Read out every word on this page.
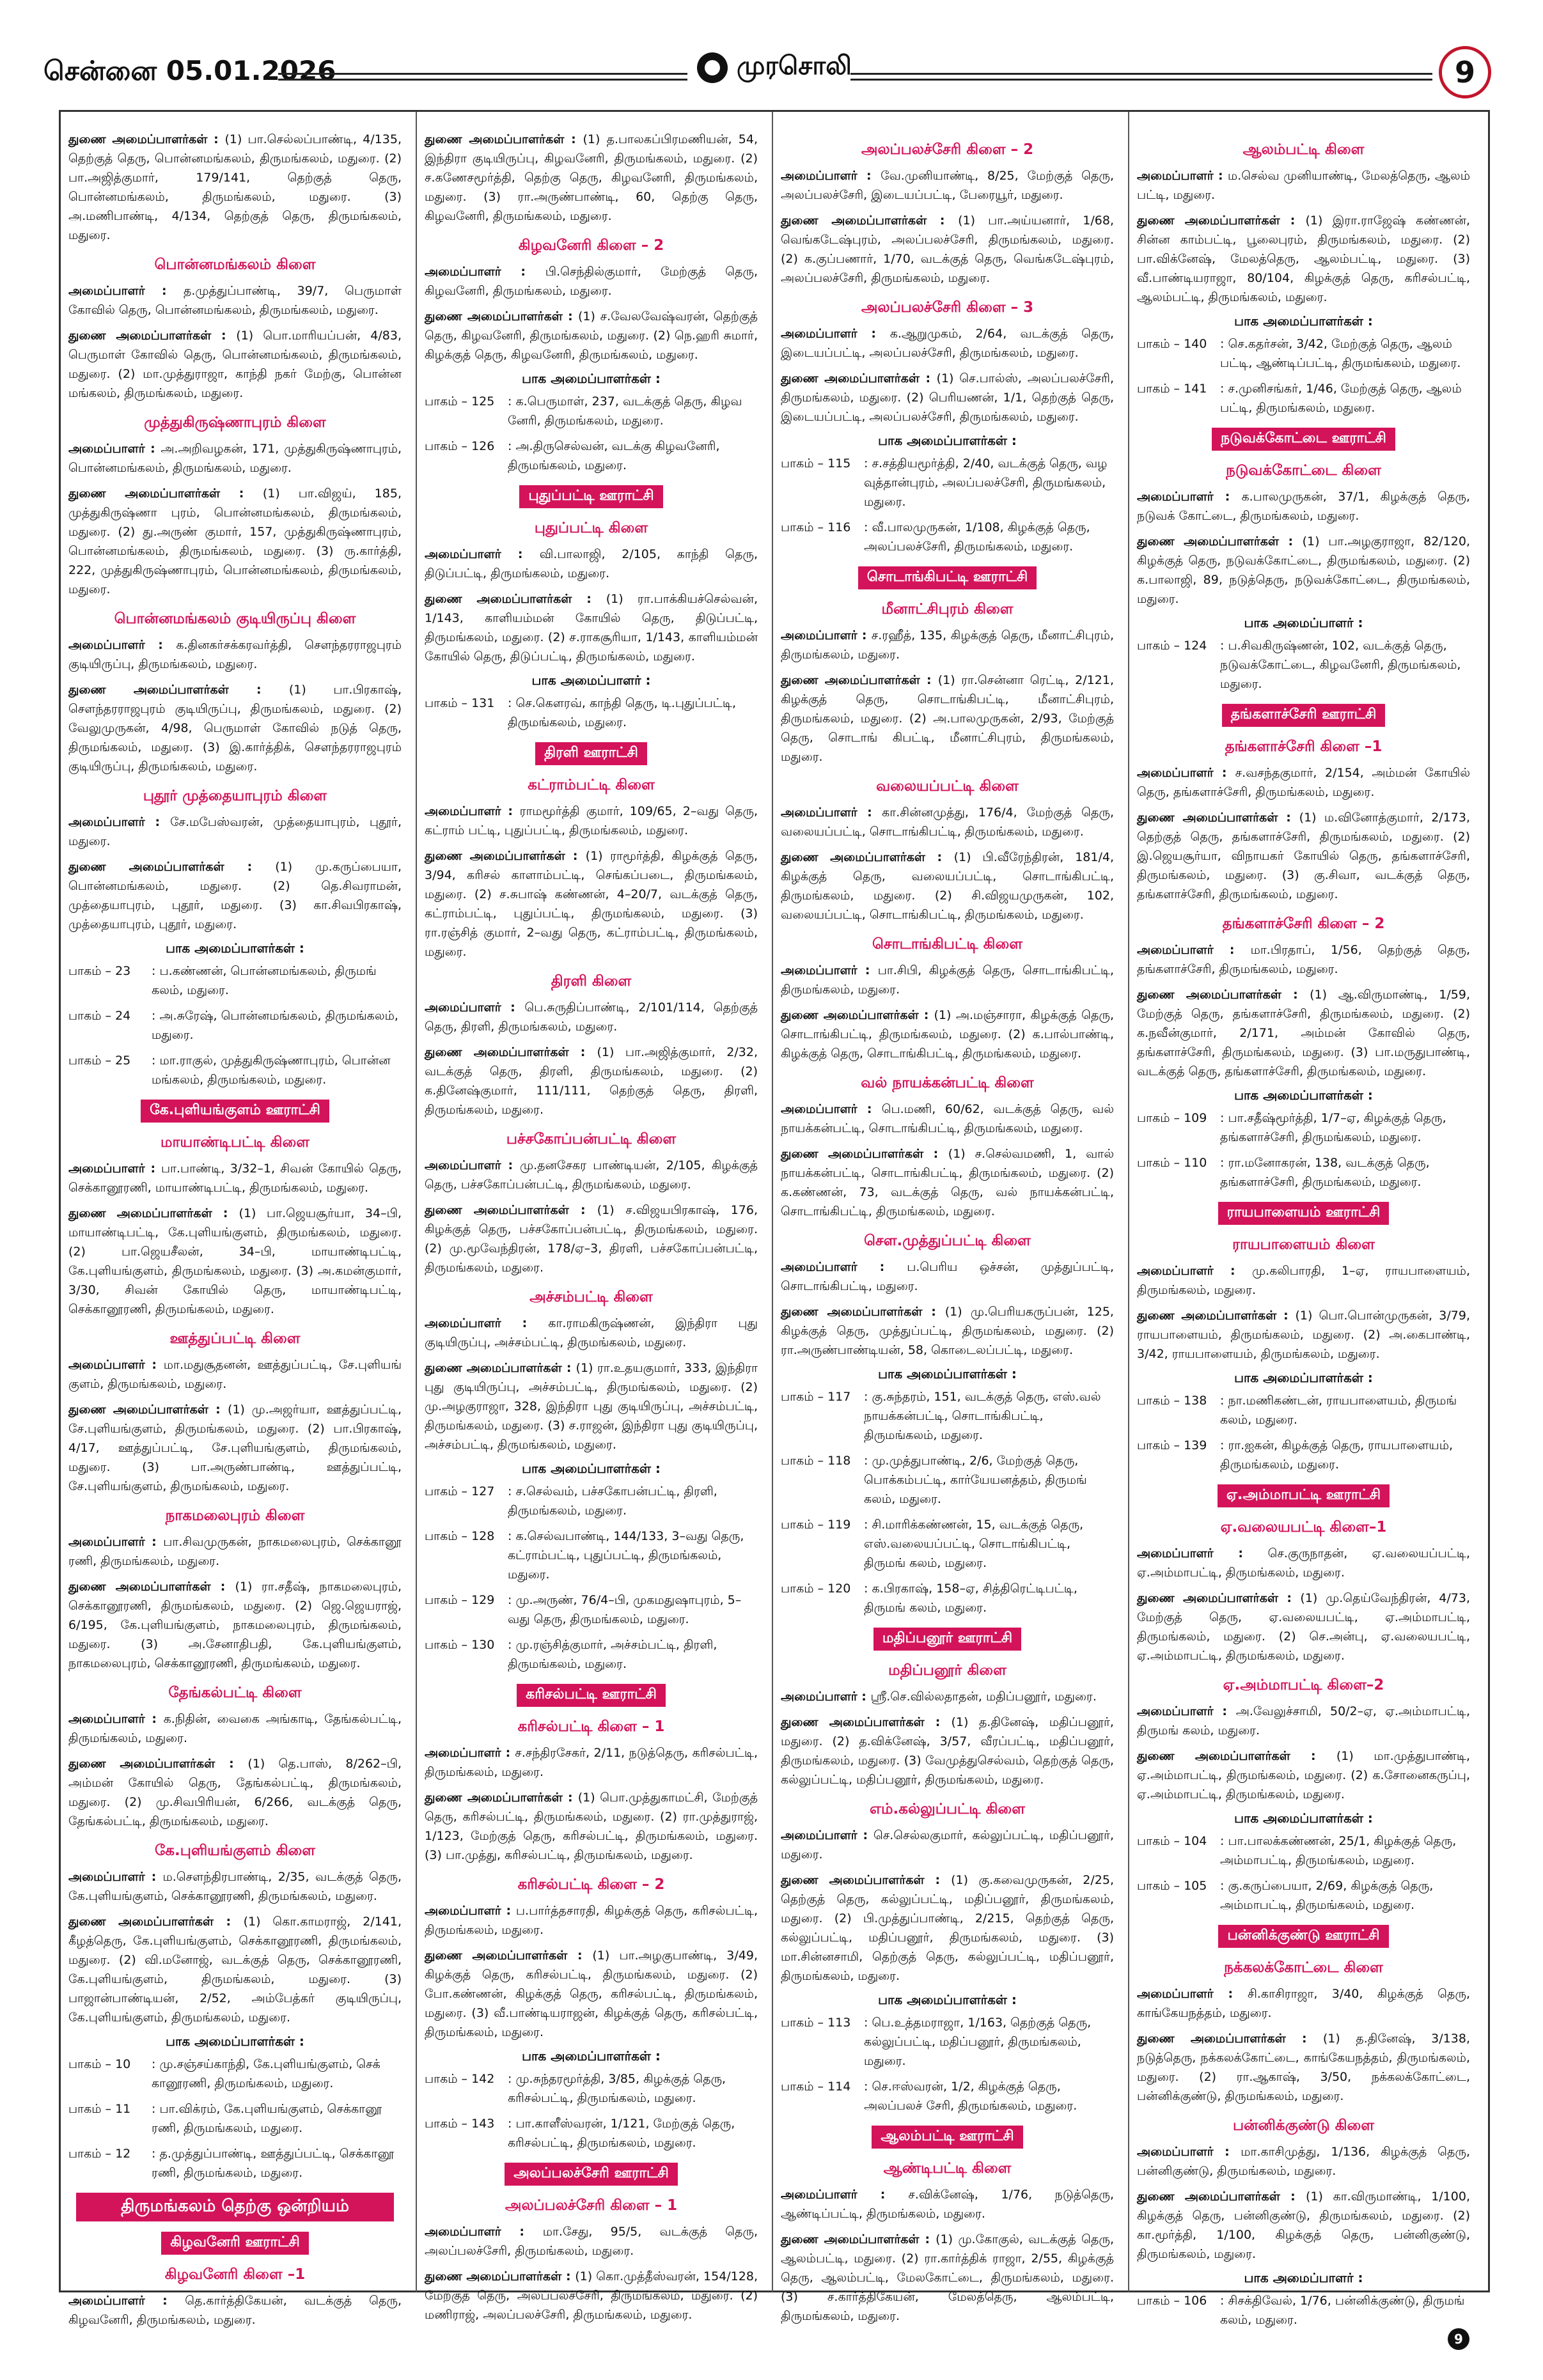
சென்னை 05.01.2026	முரசொலி	9
துணை அமைப்பாளர்கள் : (1) பா.செல்லப்பாண்டி, 4/135, தெற்குத் தெரு, பொன்னமங்கலம், திருமங்கலம், மதுரை. (2) பா.அஜித்குமார், 179/141, தெற்குத் தெரு, பொன்னமங்கலம், திருமங்கலம், மதுரை. (3) அ.மணிபாண்டி, 4/134, தெற்குத் தெரு, திருமங்கலம், மதுரை.
பொன்னமங்கலம் கிளை
அமைப்பாளர் : த.முத்துப்பாண்டி, 39/7, பெருமாள் கோவில் தெரு, பொன்னமங்கலம், திருமங்கலம், மதுரை.
துணை அமைப்பாளர்கள் : (1) பொ.மாரியப்பன், 4/83, பெருமாள் கோவில் தெரு, பொன்னமங்கலம், திருமங்கலம், மதுரை. (2) மா.முத்துராஜா, காந்தி நகர் மேற்கு, பொன்ன மங்கலம், திருமங்கலம், மதுரை.
முத்துகிருஷ்ணாபுரம் கிளை
அமைப்பாளர் : அ.அறிவழகன், 171, முத்துகிருஷ்ணாபுரம், பொன்னமங்கலம், திருமங்கலம், மதுரை.
துணை அமைப்பாளர்கள் : (1) பா.விஜய், 185, முத்துகிருஷ்ணா புரம், பொன்னமங்கலம், திருமங்கலம், மதுரை. (2) து.அருண் குமார், 157, முத்துகிருஷ்ணாபுரம், பொன்னமங்கலம், திருமங்கலம், மதுரை. (3) ரு.கார்த்தி, 222, முத்துகிருஷ்ணாபுரம், பொன்னமங்கலம், திருமங்கலம், மதுரை.
பொன்னமங்கலம் குடியிருப்பு கிளை
அமைப்பாளர் : க.தினகர்சக்கரவர்த்தி, சௌந்தரராஜபுரம் குடியிருப்பு, திருமங்கலம், மதுரை.
துணை அமைப்பாளர்கள் : (1) பா.பிரகாஷ், சௌந்தரராஜபுரம் குடியிருப்பு, திருமங்கலம், மதுரை. (2) வேலுமுருகன், 4/98, பெருமாள் கோவில் நடுத் தெரு, திருமங்கலம், மதுரை. (3) இ.கார்த்திக், சௌந்தரராஜபுரம் குடியிருப்பு, திருமங்கலம், மதுரை.
புதூர் முத்தையாபுரம் கிளை
அமைப்பாளர் : சே.மபேஸ்வரன், முத்தையாபுரம், புதூர், மதுரை.
துணை அமைப்பாளர்கள் : (1) மு.கருப்பையா, பொன்னமங்கலம், மதுரை. (2) தெ.சிவராமன், முத்தையாபுரம், புதூர், மதுரை. (3) கா.சிவபிரகாஷ், முத்தையாபுரம், புதூர், மதுரை.
பாக அமைப்பாளர்கள் :
பாகம் – 23	: ப.கண்ணன், பொன்னமங்கலம், திருமங் கலம், மதுரை.
பாகம் – 24	: அ.சுரேஷ், பொன்னமங்கலம், திருமங்கலம், மதுரை.
பாகம் – 25	: மா.ராகுல், முத்துகிருஷ்ணாபுரம், பொன்ன மங்கலம், திருமங்கலம், மதுரை.
கே.புளியங்குளம் ஊராட்சி
மாயாண்டிபட்டி கிளை
அமைப்பாளர் : பா.பாண்டி, 3/32–1, சிவன் கோயில் தெரு, செக்கானூரணி, மாயாண்டிபட்டி, திருமங்கலம், மதுரை.
துணை அமைப்பாளர்கள் : (1) பா.ஜெயசூர்யா, 34–பி, மாயாண்டிபட்டி, கே.புளியங்குளம், திருமங்கலம், மதுரை. (2) பா.ஜெயசீலன், 34–பி, மாயாண்டிபட்டி, கே.புளியங்குளம், திருமங்கலம், மதுரை. (3) அ.கமன்குமார், 3/30, சிவன் கோயில் தெரு, மாயாண்டிபட்டி, செக்கானூரணி, திருமங்கலம், மதுரை.
ஊத்துப்பட்டி கிளை
அமைப்பாளர் : மா.மதுசூதனன், ஊத்துப்பட்டி, சே.புளியங் குளம், திருமங்கலம், மதுரை.
துணை அமைப்பாளர்கள் : (1) மு.அஜர்யா, ஊத்துப்பட்டி, சே.புளியங்குளம், திருமங்கலம், மதுரை. (2) பா.பிரகாஷ், 4/17, ஊத்துப்பட்டி, சே.புளியங்குளம், திருமங்கலம், மதுரை. (3) பா.அருண்பாண்டி, ஊத்துப்பட்டி, சே.புளியங்குளம், திருமங்கலம், மதுரை.
நாகமலைபுரம் கிளை
அமைப்பாளர் : பா.சிவமுருகன், நாகமலைபுரம், செக்கானூ ரணி, திருமங்கலம், மதுரை.
துணை அமைப்பாளர்கள் : (1) ரா.சதீஷ், நாகமலைபுரம், செக்கானூரணி, திருமங்கலம், மதுரை. (2) ஜெ.ஜெயராஜ், 6/195, கே.புளியங்குளம், நாகமலைபுரம், திருமங்கலம், மதுரை. (3) அ.சேனாதிபதி, கே.புளியங்குளம், நாகமலைபுரம், செக்கானூரணி, திருமங்கலம், மதுரை.
தேங்கல்பட்டி கிளை
அமைப்பாளர் : க.நிதின், வைகை அங்காடி, தேங்கல்பட்டி, திருமங்கலம், மதுரை.
துணை அமைப்பாளர்கள் : (1) தெ.பாஸ், 8/262–பி, அம்மன் கோயில் தெரு, தேங்கல்பட்டி, திருமங்கலம், மதுரை. (2) மு.சிவபிரியன், 6/266, வடக்குத் தெரு, தேங்கல்பட்டி, திருமங்கலம், மதுரை.
கே.புளியங்குளம் கிளை
அமைப்பாளர் : ம.சௌந்திரபாண்டி, 2/35, வடக்குத் தெரு, கே.புளியங்குளம், செக்கானூரணி, திருமங்கலம், மதுரை.
துணை அமைப்பாளர்கள் : (1) கொ.காமராஜ், 2/141, கீழத்தெரு, கே.புளியங்குளம், செக்கானூரணி, திருமங்கலம், மதுரை. (2) வி.மனோஜ், வடக்குத் தெரு, செக்கானூரணி, கே.புளியங்குளம், திருமங்கலம், மதுரை. (3) பாஜான்பாண்டியன், 2/52, அம்பேத்கர் குடியிருப்பு, கே.புளியங்குளம், திருமங்கலம், மதுரை.
பாக அமைப்பாளர்கள் :
பாகம் – 10	: மு.சஞ்சய்காந்தி, கே.புளியங்குளம், செக் கானூரணி, திருமங்கலம், மதுரை.
பாகம் – 11	: பா.விக்ரம், கே.புளியங்குளம், செக்கானூ ரணி, திருமங்கலம், மதுரை.
பாகம் – 12	: த.முத்துப்பாண்டி, ஊத்துப்பட்டி, செக்கானூ ரணி, திருமங்கலம், மதுரை.
திருமங்கலம் தெற்கு ஒன்றியம்
கிழவனேரி ஊராட்சி
கிழவனேரி கிளை –1
அமைப்பாளர் : தெ.கார்த்திகேயன், வடக்குத் தெரு, கிழவனேரி, திருமங்கலம், மதுரை.
துணை அமைப்பாளர்கள் : (1) த.பாலகப்பிரமணியன், 54, இந்திரா குடியிருப்பு, கிழவனேரி, திருமங்கலம், மதுரை. (2) ச.கணேசமூர்த்தி, தெற்கு தெரு, கிழவனேரி, திருமங்கலம், மதுரை. (3) ரா.அருண்பாண்டி, 60, தெற்கு தெரு, கிழவனேரி, திருமங்கலம், மதுரை.
கிழவனேரி கிளை – 2
அமைப்பாளர் : பி.செந்தில்குமார், மேற்குத் தெரு, கிழவனேரி, திருமங்கலம், மதுரை.
துணை அமைப்பாளர்கள் : (1) ச.வேலவேஷ்வரன், தெற்குத் தெரு, கிழவனேரி, திருமங்கலம், மதுரை. (2) நெ.ஹரி சுமார், கிழக்குத் தெரு, கிழவனேரி, திருமங்கலம், மதுரை.
பாக அமைப்பாளர்கள் :
பாகம் – 125	: க.பெருமாள், 237, வடக்குத் தெரு, கிழவ னேரி, திருமங்கலம், மதுரை.
பாகம் – 126	: அ.திருசெல்வன், வடக்கு கிழவனேரி, திருமங்கலம், மதுரை.
புதுப்பட்டி ஊராட்சி
புதுப்பட்டி கிளை
அமைப்பாளர் : வி.பாலாஜி, 2/105, காந்தி தெரு, திடுப்பட்டி, திருமங்கலம், மதுரை.
துணை அமைப்பாளர்கள் : (1) ரா.பாக்கியச்செல்வன், 1/143, காளியம்மன் கோயில் தெரு, திடுப்பட்டி, திருமங்கலம், மதுரை. (2) ச.ராகசூரியா, 1/143, காளியம்மன் கோயில் தெரு, திடுப்பட்டி, திருமங்கலம், மதுரை.
பாக அமைப்பாளர் :
பாகம் – 131	: செ.கௌரவ், காந்தி தெரு, டி.புதுப்பட்டி, திருமங்கலம், மதுரை.
திரளி ஊராட்சி
கட்ராம்பட்டி கிளை
அமைப்பாளர் : ராமமூர்த்தி குமார், 109/65, 2–வது தெரு, கட்ராம் பட்டி, புதுப்பட்டி, திருமங்கலம், மதுரை.
துணை அமைப்பாளர்கள் : (1) ராமூர்த்தி, கிழக்குத் தெரு, 3/94, கரிசல் காளாம்பட்டி, செங்கப்படை, திருமங்கலம், மதுரை. (2) ச.சுபாஷ் கண்ணன், 4–20/7, வடக்குத் தெரு, கட்ராம்பட்டி, புதுப்பட்டி, திருமங்கலம், மதுரை. (3) ரா.ரஞ்சித் குமார், 2–வது தெரு, கட்ராம்பட்டி, திருமங்கலம், மதுரை.
திரளி கிளை
அமைப்பாளர் : பெ.சுருதிப்பாண்டி, 2/101/114, தெற்குத் தெரு, திரளி, திருமங்கலம், மதுரை.
துணை அமைப்பாளர்கள் : (1) பா.அஜித்குமார், 2/32, வடக்குத் தெரு, திரளி, திருமங்கலம், மதுரை. (2) க.தினேஷ்குமார், 111/111, தெற்குத் தெரு, திரளி, திருமங்கலம், மதுரை.
பச்சகோப்பன்பட்டி கிளை
அமைப்பாளர் : மு.தனசேகர பாண்டியன், 2/105, கிழக்குத் தெரு, பச்சகோப்பன்பட்டி, திருமங்கலம், மதுரை.
துணை அமைப்பாளர்கள் : (1) ச.விஜயபிரகாஷ், 176, கிழக்குத் தெரு, பச்சகோப்பன்பட்டி, திருமங்கலம், மதுரை. (2) மு.மூவேந்திரன், 178/ஏ–3, திரளி, பச்சகோப்பன்பட்டி, திருமங்கலம், மதுரை.
அச்சம்பட்டி கிளை
அமைப்பாளர் : கா.ராமகிருஷ்ணன், இந்திரா புது குடியிருப்பு, அச்சம்பட்டி, திருமங்கலம், மதுரை.
துணை அமைப்பாளர்கள் : (1) ரா.உதயகுமார், 333, இந்திரா புது குடியிருப்பு, அச்சம்பட்டி, திருமங்கலம், மதுரை. (2) மு.அழகுராஜா, 328, இந்திரா புது குடியிருப்பு, அச்சம்பட்டி, திருமங்கலம், மதுரை. (3) ச.ராஜன், இந்திரா புது குடியிருப்பு, அச்சம்பட்டி, திருமங்கலம், மதுரை.
பாக அமைப்பாளர்கள் :
பாகம் – 127	: ச.செல்வம், பச்சகோபன்பட்டி, திரளி, திருமங்கலம், மதுரை.
பாகம் – 128	: க.செல்வபாண்டி, 144/133, 3–வது தெரு, கட்ராம்பட்டி, புதுப்பட்டி, திருமங்கலம், மதுரை.
பாகம் – 129	: மு.அருண், 76/4–பி, முகமதுஷாபுரம், 5–வது தெரு, திருமங்கலம், மதுரை.
பாகம் – 130	: மு.ரஞ்சித்குமார், அச்சம்பட்டி, திரளி, திருமங்கலம், மதுரை.
கரிசல்பட்டி ஊராட்சி
கரிசல்பட்டி கிளை – 1
அமைப்பாளர் : ச.சந்திரசேகர், 2/11, நடுத்தெரு, கரிசல்பட்டி, திருமங்கலம், மதுரை.
துணை அமைப்பாளர்கள் : (1) பொ.முத்துகாமட்சி, மேற்குத் தெரு, கரிசல்பட்டி, திருமங்கலம், மதுரை. (2) ரா.முத்துராஜ், 1/123, மேற்குத் தெரு, கரிசல்பட்டி, திருமங்கலம், மதுரை. (3) பா.முத்து, கரிசல்பட்டி, திருமங்கலம், மதுரை.
கரிசல்பட்டி கிளை – 2
அமைப்பாளர் : ப.பார்த்தசாரதி, கிழக்குத் தெரு, கரிசல்பட்டி, திருமங்கலம், மதுரை.
துணை அமைப்பாளர்கள் : (1) பா.அழகுபாண்டி, 3/49, கிழக்குத் தெரு, கரிசல்பட்டி, திருமங்கலம், மதுரை. (2) போ.கண்ணன், கிழக்குத் தெரு, கரிசல்பட்டி, திருமங்கலம், மதுரை. (3) வீ.பாண்டியராஜன், கிழக்குத் தெரு, கரிசல்பட்டி, திருமங்கலம், மதுரை.
பாக அமைப்பாளர்கள் :
பாகம் – 142	: மு.சுந்தரமூர்த்தி, 3/85, கிழக்குத் தெரு, கரிசல்பட்டி, திருமங்கலம், மதுரை.
பாகம் – 143	: பா.காளீஸ்வரன், 1/121, மேற்குத் தெரு, கரிசல்பட்டி, திருமங்கலம், மதுரை.
அலப்பலச்சேரி ஊராட்சி
அலப்பலச்சேரி கிளை – 1
அமைப்பாளர் : மா.சேது, 95/5, வடக்குத் தெரு, அலப்பலச்சேரி, திருமங்கலம், மதுரை.
துணை அமைப்பாளர்கள் : (1) கொ.முத்தீஸ்வரன், 154/128, மேற்குத் தெரு, அலப்பலச்சேரி, திருமங்கலம், மதுரை. (2) மணிராஜ், அலப்பலச்சேரி, திருமங்கலம், மதுரை.
அலப்பலச்சேரி கிளை – 2
அமைப்பாளர் : வே.முனியாண்டி, 8/25, மேற்குத் தெரு, அலப்பலச்சேரி, இடையப்பட்டி, பேரையூர், மதுரை.
துணை அமைப்பாளர்கள் : (1) பா.அய்யனார், 1/68, வெங்கடேஷ்புரம், அலப்பலச்சேரி, திருமங்கலம், மதுரை. (2) க.குப்பணார், 1/70, வடக்குத் தெரு, வெங்கடேஷ்புரம், அலப்பலச்சேரி, திருமங்கலம், மதுரை.
அலப்பலச்சேரி கிளை – 3
அமைப்பாளர் : க.ஆறுமுகம், 2/64, வடக்குத் தெரு, இடையப்பட்டி, அலப்பலச்சேரி, திருமங்கலம், மதுரை.
துணை அமைப்பாளர்கள் : (1) செ.பால்ஸ், அலப்பலச்சேரி, திருமங்கலம், மதுரை. (2) பெரியணன், 1/1, தெற்குத் தெரு, இடையப்பட்டி, அலப்பலச்சேரி, திருமங்கலம், மதுரை.
பாக அமைப்பாளர்கள் :
பாகம் – 115	: ச.சத்தியமூர்த்தி, 2/40, வடக்குத் தெரு, வழ வுத்தான்புரம், அலப்பலச்சேரி, திருமங்கலம், மதுரை.
பாகம் – 116	: வீ.பாலமுருகன், 1/108, கிழக்குத் தெரு, அலப்பலச்சேரி, திருமங்கலம், மதுரை.
சொடாங்கிபட்டி ஊராட்சி
மீனாட்சிபுரம் கிளை
அமைப்பாளர் : ச.ரஹீத், 135, கிழக்குத் தெரு, மீனாட்சிபுரம், திருமங்கலம், மதுரை.
துணை அமைப்பாளர்கள் : (1) ரா.சென்னா ரெட்டி, 2/121, கிழக்குத் தெரு, சொடாங்கிபட்டி, மீனாட்சிபுரம், திருமங்கலம், மதுரை. (2) அ.பாலமுருகன், 2/93, மேற்குத் தெரு, சொடாங் கிபட்டி, மீனாட்சிபுரம், திருமங்கலம், மதுரை.
வலையப்பட்டி கிளை
அமைப்பாளர் : கா.சின்னமுத்து, 176/4, மேற்குத் தெரு, வலையப்பட்டி, சொடாங்கிபட்டி, திருமங்கலம், மதுரை.
துணை அமைப்பாளர்கள் : (1) பி.வீரேந்திரன், 181/4, கிழக்குத் தெரு, வலையப்பட்டி, சொடாங்கிபட்டி, திருமங்கலம், மதுரை. (2) சி.விஜயமுருகன், 102, வலையப்பட்டி, சொடாங்கிபட்டி, திருமங்கலம், மதுரை.
சொடாங்கிபட்டி கிளை
அமைப்பாளர் : பா.சிபி, கிழக்குத் தெரு, சொடாங்கிபட்டி, திருமங்கலம், மதுரை.
துணை அமைப்பாளர்கள் : (1) அ.மஞ்சாரா, கிழக்குத் தெரு, சொடாங்கிபட்டி, திருமங்கலம், மதுரை. (2) க.பால்பாண்டி, கிழக்குத் தெரு, சொடாங்கிபட்டி, திருமங்கலம், மதுரை.
வல் நாயக்கன்பட்டி கிளை
அமைப்பாளர் : பெ.மணி, 60/62, வடக்குத் தெரு, வல் நாயக்கன்பட்டி, சொடாங்கிபட்டி, திருமங்கலம், மதுரை.
துணை அமைப்பாளர்கள் : (1) ச.செல்வமணி, 1, வால் நாயக்கன்பட்டி, சொடாங்கிபட்டி, திருமங்கலம், மதுரை. (2) க.கண்ணன், 73, வடக்குத் தெரு, வல் நாயக்கன்பட்டி, சொடாங்கிபட்டி, திருமங்கலம், மதுரை.
சௌ.முத்துப்பட்டி கிளை
அமைப்பாளர் : ப.பெரிய ஒச்சன், முத்துப்பட்டி, சொடாங்கிபட்டி, மதுரை.
துணை அமைப்பாளர்கள் : (1) மு.பெரியகருப்பன், 125, கிழக்குத் தெரு, முத்துப்பட்டி, திருமங்கலம், மதுரை. (2) ரா.அருண்பாண்டியன், 58, கொடைலப்பட்டி, மதுரை.
பாக அமைப்பாளர்கள் :
பாகம் – 117	: கு.சுந்தரம், 151, வடக்குத் தெரு, எஸ்.வல் நாயக்கன்பட்டி, சொடாங்கிபட்டி, திருமங்கலம், மதுரை.
பாகம் – 118	: மு.முத்துபாண்டி, 2/6, மேற்குத் தெரு, பொக்கம்பட்டி, கார்யேயனத்தம், திருமங் கலம், மதுரை.
பாகம் – 119	: சி.மாரிக்கண்ணன், 15, வடக்குத் தெரு, எஸ்.வலையப்பட்டி, சொடாங்கிபட்டி, திருமங் கலம், மதுரை.
பாகம் – 120	: க.பிரகாஷ், 158–ஏ, சித்திரெட்டிபட்டி, திருமங் கலம், மதுரை.
மதிப்பனூர் ஊராட்சி
மதிப்பனூர் கிளை
அமைப்பாளர் : ஸ்ரீ.செ.வில்லதாதன், மதிப்பனூர், மதுரை.
துணை அமைப்பாளர்கள் : (1) த.தினேஷ், மதிப்பனூர், மதுரை. (2) த.விக்னேஷ், 3/57, வீரப்பட்டி, மதிப்பனூர், திருமங்கலம், மதுரை. (3) வேமுத்துசெல்வம், தெற்குத் தெரு, கல்லுப்பட்டி, மதிப்பனூர், திருமங்கலம், மதுரை.
எம்.கல்லுப்பட்டி கிளை
அமைப்பாளர் : செ.செல்லகுமார், கல்லுப்பட்டி, மதிப்பனூர், மதுரை.
துணை அமைப்பாளர்கள் : (1) கு.கவைமுருகன், 2/25, தெற்குத் தெரு, கல்லுப்பட்டி, மதிப்பனூர், திருமங்கலம், மதுரை. (2) பி.முத்துப்பாண்டி, 2/215, தெற்குத் தெரு, கல்லுப்பட்டி, மதிப்பனூர், திருமங்கலம், மதுரை. (3) மா.சின்னசாமி, தெற்குத் தெரு, கல்லுப்பட்டி, மதிப்பனூர், திருமங்கலம், மதுரை.
பாக அமைப்பாளர்கள் :
பாகம் – 113	: பெ.உத்தமராஜா, 1/163, தெற்குத் தெரு, கல்லுப்பட்டி, மதிப்பனூர், திருமங்கலம், மதுரை.
பாகம் – 114	: செ.ஈஸ்வரன், 1/2, கிழக்குத் தெரு, அலப்பலச் சேரி, திருமங்கலம், மதுரை.
ஆலம்பட்டி ஊராட்சி
ஆண்டிபட்டி கிளை
அமைப்பாளர் : ச.விக்னேஷ், 1/76, நடுத்தெரு, ஆண்டிப்பட்டி, திருமங்கலம், மதுரை.
துணை அமைப்பாளர்கள் : (1) மு.கோகுல், வடக்குத் தெரு, ஆலம்பட்டி, மதுரை. (2) ரா.கார்த்திக் ராஜா, 2/55, கிழக்குத் தெரு, ஆலம்பட்டி, மேலகோட்டை, திருமங்கலம், மதுரை. (3) ச.கார்த்திகேயன், மேலத்தெரு, ஆலம்பட்டி, திருமங்கலம், மதுரை.
ஆலம்பட்டி கிளை
அமைப்பாளர் : ம.செல்வ முனியாண்டி, மேலத்தெரு, ஆலம் பட்டி, மதுரை.
துணை அமைப்பாளர்கள் : (1) இரா.ராஜேஷ் கண்ணன், சின்ன காம்பட்டி, பூலைபுரம், திருமங்கலம், மதுரை. (2) பா.விக்னேஷ், மேலத்தெரு, ஆலம்பட்டி, மதுரை. (3) வீ.பாண்டியராஜா, 80/104, கிழக்குத் தெரு, கரிசல்பட்டி, ஆலம்பட்டி, திருமங்கலம், மதுரை.
பாக அமைப்பாளர்கள் :
பாகம் – 140	: செ.கதர்சன், 3/42, மேற்குத் தெரு, ஆலம் பட்டி, ஆண்டிப்பட்டி, திருமங்கலம், மதுரை.
பாகம் – 141	: ச.முனிசங்கர், 1/46, மேற்குத் தெரு, ஆலம் பட்டி, திருமங்கலம், மதுரை.
நடுவக்கோட்டை ஊராட்சி
நடுவக்கோட்டை கிளை
அமைப்பாளர் : க.பாலமுருகன், 37/1, கிழக்குத் தெரு, நடுவக் கோட்டை, திருமங்கலம், மதுரை.
துணை அமைப்பாளர்கள் : (1) பா.அழகுராஜா, 82/120, கிழக்குத் தெரு, நடுவக்கோட்டை, திருமங்கலம், மதுரை. (2) க.பாலாஜி, 89, நடுத்தெரு, நடுவக்கோட்டை, திருமங்கலம், மதுரை.
பாக அமைப்பாளர் :
பாகம் – 124	: ப.சிவகிருஷ்ணன், 102, வடக்குத் தெரு, நடுவக்கோட்டை, கிழவனேரி, திருமங்கலம், மதுரை.
தங்களாச்சேரி ஊராட்சி
தங்களாச்சேரி கிளை –1
அமைப்பாளர் : ச.வசந்தகுமார், 2/154, அம்மன் கோயில் தெரு, தங்களாச்சேரி, திருமங்கலம், மதுரை.
துணை அமைப்பாளர்கள் : (1) ம.வினோத்குமார், 2/173, தெற்குத் தெரு, தங்களாச்சேரி, திருமங்கலம், மதுரை. (2) இ.ஜெயசூர்யா, விநாயகர் கோயில் தெரு, தங்களாச்சேரி, திருமங்கலம், மதுரை. (3) கு.சிவா, வடக்குத் தெரு, தங்களாச்சேரி, திருமங்கலம், மதுரை.
தங்களாச்சேரி கிளை – 2
அமைப்பாளர் : மா.பிரதாப், 1/56, தெற்குத் தெரு, தங்களாச்சேரி, திருமங்கலம், மதுரை.
துணை அமைப்பாளர்கள் : (1) ஆ.விருமாண்டி, 1/59, மேற்குத் தெரு, தங்களாச்சேரி, திருமங்கலம், மதுரை. (2) க.நவீன்குமார், 2/171, அம்மன் கோவில் தெரு, தங்களாச்சேரி, திருமங்கலம், மதுரை. (3) பா.மருதுபாண்டி, வடக்குத் தெரு, தங்களாச்சேரி, திருமங்கலம், மதுரை.
பாக அமைப்பாளர்கள் :
பாகம் – 109	: பா.சதீஷ்மூர்த்தி, 1/7–ஏ, கிழக்குத் தெரு, தங்களாச்சேரி, திருமங்கலம், மதுரை.
பாகம் – 110	: ரா.மனோகரன், 138, வடக்குத் தெரு, தங்களாச்சேரி, திருமங்கலம், மதுரை.
ராயபாளையம் ஊராட்சி
ராயபாளையம் கிளை
அமைப்பாளர் : மு.கலிபாரதி, 1–ஏ, ராயபாளையம், திருமங்கலம், மதுரை.
துணை அமைப்பாளர்கள் : (1) பொ.பொன்முருகன், 3/79, ராயபாளையம், திருமங்கலம், மதுரை. (2) அ.கைபாண்டி, 3/42, ராயபாளையம், திருமங்கலம், மதுரை.
பாக அமைப்பாளர்கள் :
பாகம் – 138	: நா.மணிகண்டன், ராயபாளையம், திருமங் கலம், மதுரை.
பாகம் – 139	: ரா.ஐகன், கிழக்குத் தெரு, ராயபாளையம், திருமங்கலம், மதுரை.
ஏ.அம்மாபட்டி ஊராட்சி
ஏ.வலையபட்டி கிளை–1
அமைப்பாளர் : செ.குருநாதன், ஏ.வலையப்பட்டி, ஏ.அம்மாபட்டி, திருமங்கலம், மதுரை.
துணை அமைப்பாளர்கள் : (1) மு.தெய்வேந்திரன், 4/73, மேற்குத் தெரு, ஏ.வலையபட்டி, ஏ.அம்மாபட்டி, திருமங்கலம், மதுரை. (2) செ.அன்பு, ஏ.வலையபட்டி, ஏ.அம்மாபட்டி, திருமங்கலம், மதுரை.
ஏ.அம்மாபட்டி கிளை–2
அமைப்பாளர் : அ.வேலுச்சாமி, 50/2–ஏ, ஏ.அம்மாபட்டி, திருமங் கலம், மதுரை.
துணை அமைப்பாளர்கள் : (1) மா.முத்துபாண்டி, ஏ.அம்மாபட்டி, திருமங்கலம், மதுரை. (2) க.சோனைகருப்பு, ஏ.அம்மாபட்டி, திருமங்கலம், மதுரை.
பாக அமைப்பாளர்கள் :
பாகம் – 104	: பா.பாலக்கண்ணன், 25/1, கிழக்குத் தெரு, அம்மாபட்டி, திருமங்கலம், மதுரை.
பாகம் – 105	: கு.கருப்பையா, 2/69, கிழக்குத் தெரு, அம்மாபட்டி, திருமங்கலம், மதுரை.
பன்னிக்குண்டு ஊராட்சி
நக்கலக்கோட்டை கிளை
அமைப்பாளர் : சி.காசிராஜா, 3/40, கிழக்குத் தெரு, காங்கேயநத்தம், மதுரை.
துணை அமைப்பாளர்கள் : (1) த.தினேஷ், 3/138, நடுத்தெரு, நக்கலக்கோட்டை, காங்கேயநத்தம், திருமங்கலம், மதுரை. (2) ரா.ஆகாஷ், 3/50, நக்கலக்கோட்டை, பன்னிக்குண்டு, திருமங்கலம், மதுரை.
பன்னிக்குண்டு கிளை
அமைப்பாளர் : மா.காசிமுத்து, 1/136, கிழக்குத் தெரு, பன்னிகுண்டு, திருமங்கலம், மதுரை.
துணை அமைப்பாளர்கள் : (1) கா.விருமாண்டி, 1/100, கிழக்குத் தெரு, பன்னிகுண்டு, திருமங்கலம், மதுரை. (2) கா.மூர்த்தி, 1/100, கிழக்குத் தெரு, பன்னிகுண்டு, திருமங்கலம், மதுரை.
பாக அமைப்பாளர் :
பாகம் – 106	: சிசக்திவேல், 1/76, பன்னிக்குண்டு, திருமங் கலம், மதுரை.
9
